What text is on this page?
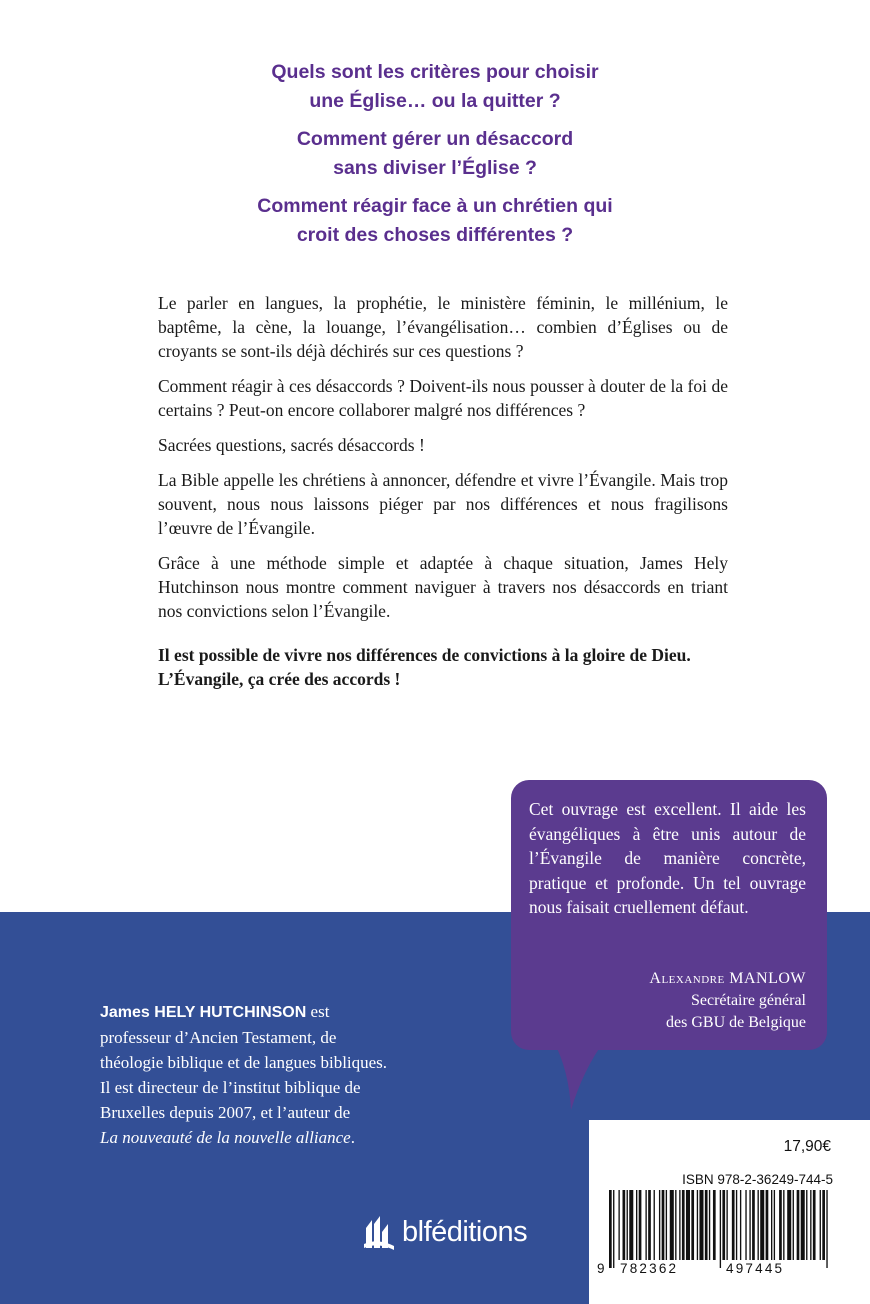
Quels sont les critères pour choisir
une Église… ou la quitter ?

Comment gérer un désaccord
sans diviser l’Église ?

Comment réagir face à un chrétien qui
croit des choses différentes ?

Le parler en langues, la prophétie, le ministère féminin, le millénium, le baptême, la cène, la louange, l’évangélisation… combien d’Églises ou de croyants se sont-ils déjà déchirés sur ces questions ?

Comment réagir à ces désaccords ? Doivent-ils nous pousser à douter de la foi de certains ? Peut-on encore collaborer malgré nos différences ?

Sacrées questions, sacrés désaccords !

La Bible appelle les chrétiens à annoncer, défendre et vivre l’Évangile. Mais trop souvent, nous nous laissons piéger par nos différences et nous fragilisons l’œuvre de l’Évangile.

Grâce à une méthode simple et adaptée à chaque situation, James Hely Hutchinson nous montre comment naviguer à travers nos désaccords en triant nos convictions selon l’Évangile.

Il est possible de vivre nos différences de convictions à la gloire de Dieu. L’Évangile, ça crée des accords !

Cet ouvrage est excellent. Il aide les évangéliques à être unis autour de l’Évangile de manière concrète, pratique et profonde. Un tel ouvrage nous faisait cruellement défaut.
Alexandre MANLOW
Secrétaire général
des GBU de Belgique
James HELY HUTCHINSON est
professeur d’Ancien Testament, de
théologie biblique et de langues bibliques.
Il est directeur de l’institut biblique de
Bruxelles depuis 2007, et l’auteur de
La nouveauté de la nouvelle alliance.
blféditions
17,90€
ISBN 978-2-36249-744-5
9 782362	497445
